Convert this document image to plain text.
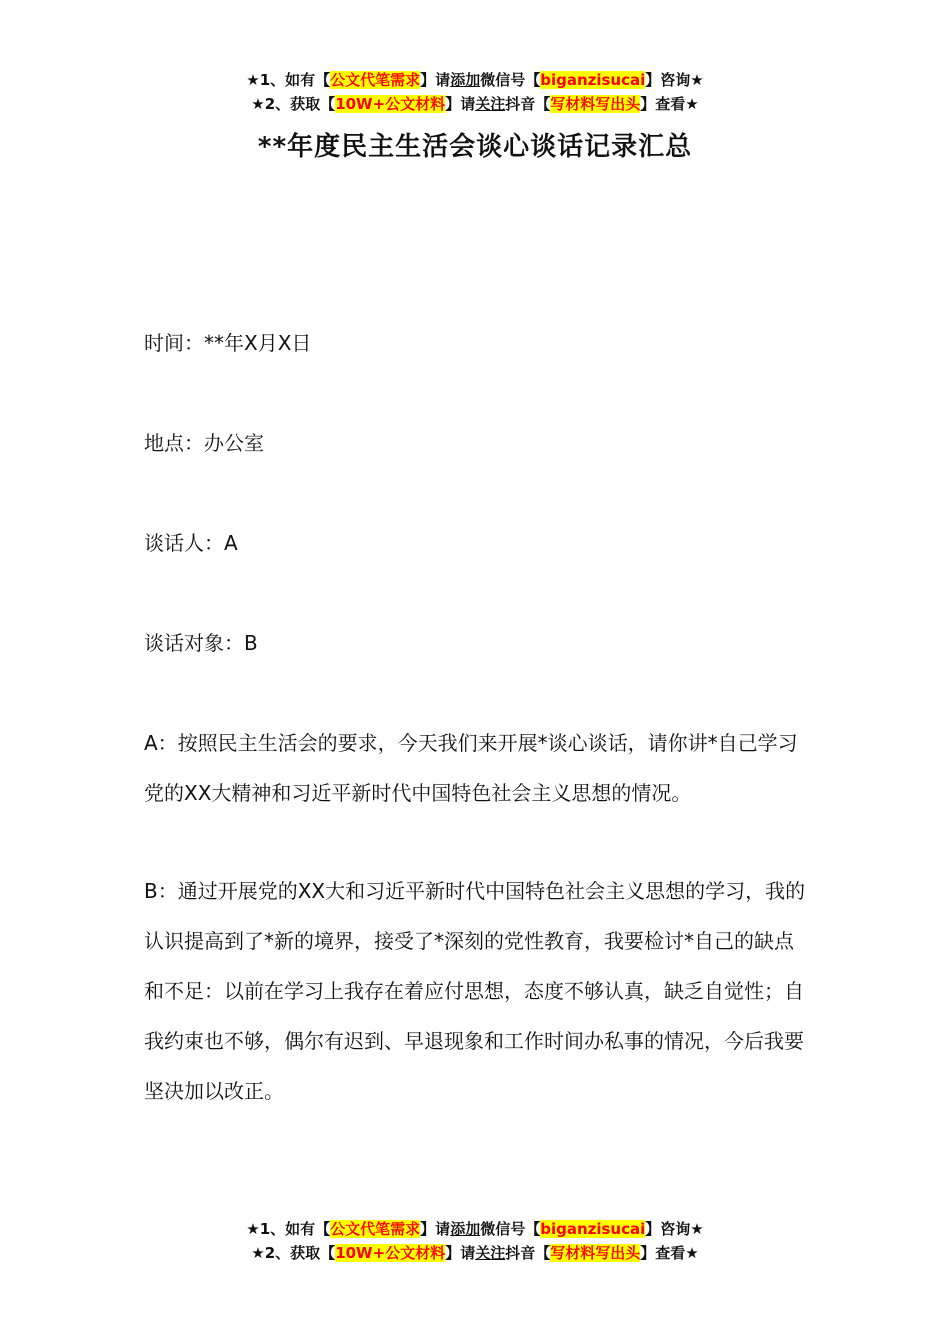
★1、如有【公文代笔需求】请添加微信号【biganzisucai】咨询★
★2、获取【10W+公文材料】请关注抖音【写材料写出头】查看★
**年度民主生活会谈心谈话记录汇总
时间：**年X月X日
地点：办公室
谈话人：A
谈话对象：B

A：按照民主生活会的要求，今天我们来开展*谈心谈话，请你讲*自己学习党的XX大精神和习近平新时代中国特色社会主义思想的情况。

B：通过开展党的XX大和习近平新时代中国特色社会主义思想的学习，我的认识提高到了*新的境界，接受了*深刻的党性教育，我要检讨*自己的缺点和不足：以前在学习上我存在着应付思想，态度不够认真，缺乏自觉性；自我约束也不够，偶尔有迟到、早退现象和工作时间办私事的情况，今后我要坚决加以改正。

★1、如有【公文代笔需求】请添加微信号【biganzisucai】咨询★
★2、获取【10W+公文材料】请关注抖音【写材料写出头】查看★
